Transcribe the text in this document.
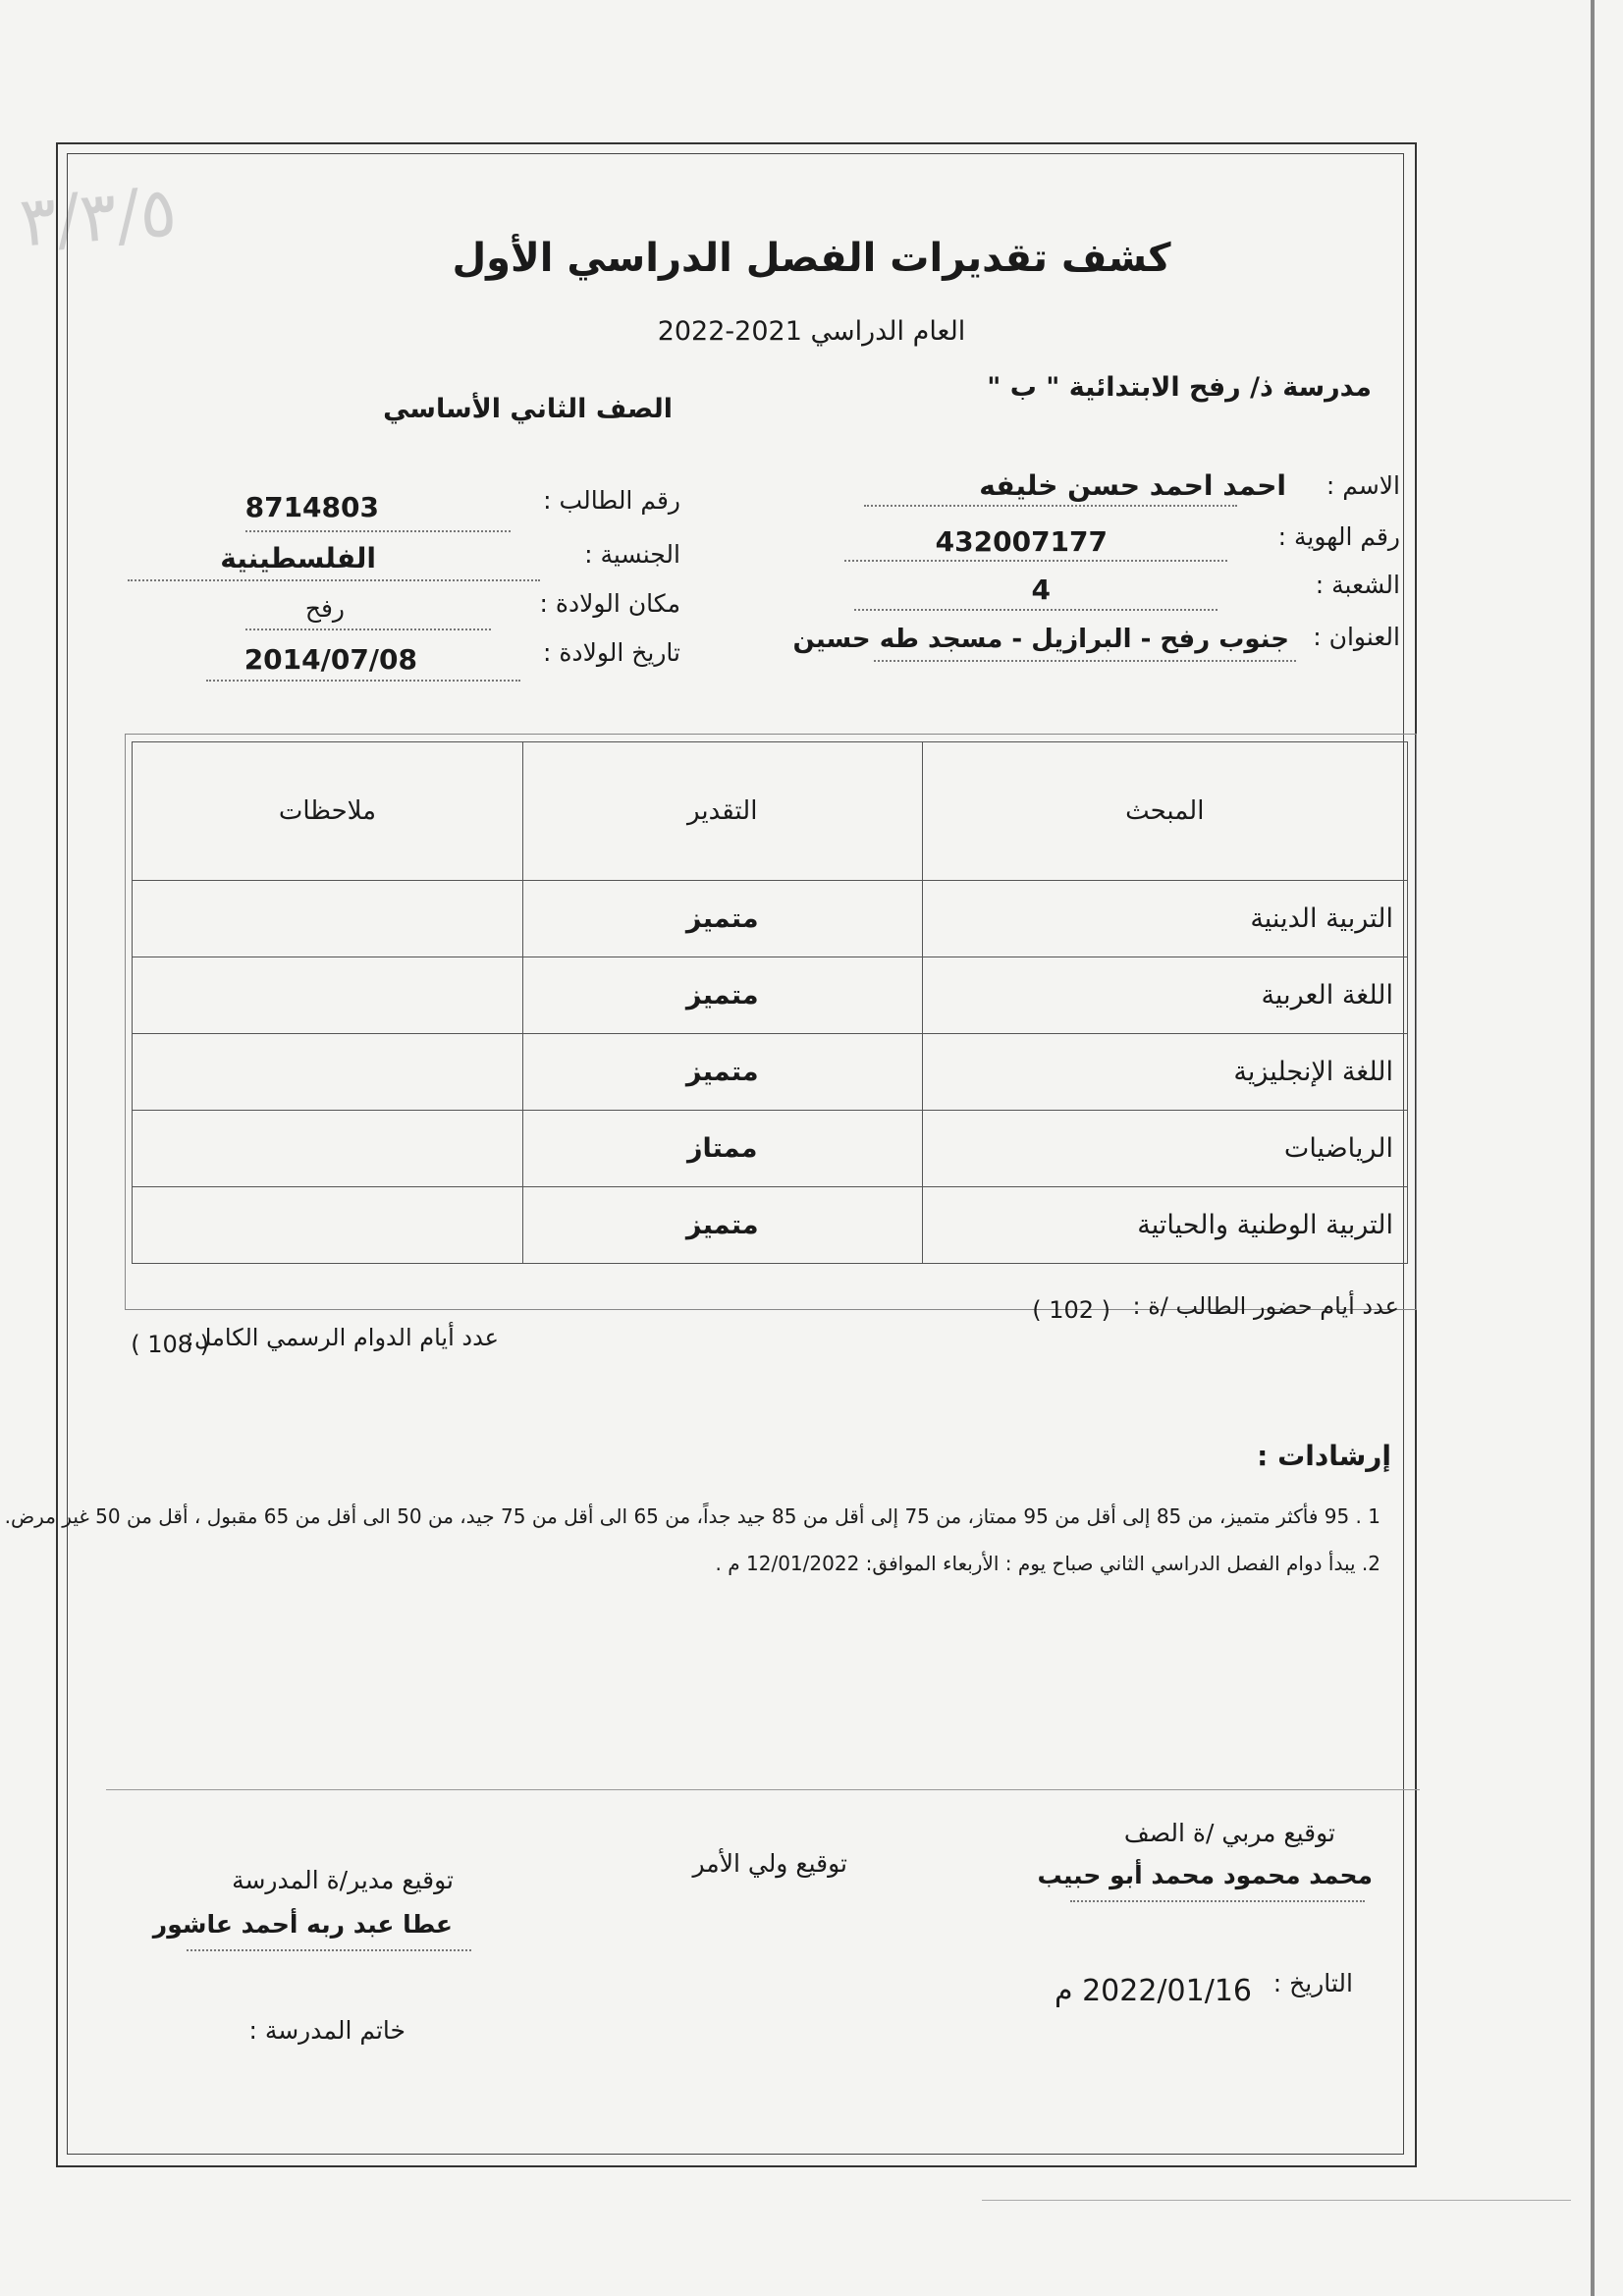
٣/٣/٥	كشف تقديرات الفصل الدراسي الأول
العام الدراسي 2021-2022
مدرسة ذ/ رفح الابتدائية " ب "
الصف الثاني الأساسي
الاسم :
احمد احمد حسن خليفه
رقم الهوية :
432007177
الشعبة :
4
العنوان :
جنوب رفح - البرازيل - مسجد طه حسين
رقم الطالب :
8714803
الجنسية :
الفلسطينية
مكان الولادة :
رفح
تاريخ الولادة :
2014/07/08
المبحث	التقدير	ملاحظات
التربية الدينية	متميز	
اللغة العربية	متميز	
اللغة الإنجليزية	متميز	
الرياضيات	ممتاز	
التربية الوطنية والحياتية	متميز	
عدد أيام حضور الطالب /ة :
( 102 )
عدد أيام الدوام الرسمي الكامل:
( 108 )
إرشادات :
1 . 95 فأكثر متميز، من 85 إلى أقل من 95 ممتاز، من 75 إلى أقل من 85 جيد جداً، من 65 الى أقل من 75 جيد، من 50 الى أقل من 65 مقبول ، أقل من 50 غير مرض.
2. يبدأ دوام الفصل الدراسي الثاني صباح يوم : الأربعاء الموافق: 12/01/2022 م .
توقيع مربي /ة الصف
محمد محمود محمد أبو حبيب
توقيع ولي الأمر
توقيع مدير/ة المدرسة
عطا عبد ربه أحمد عاشور
التاريخ :
2022/01/16 م
خاتم المدرسة :
